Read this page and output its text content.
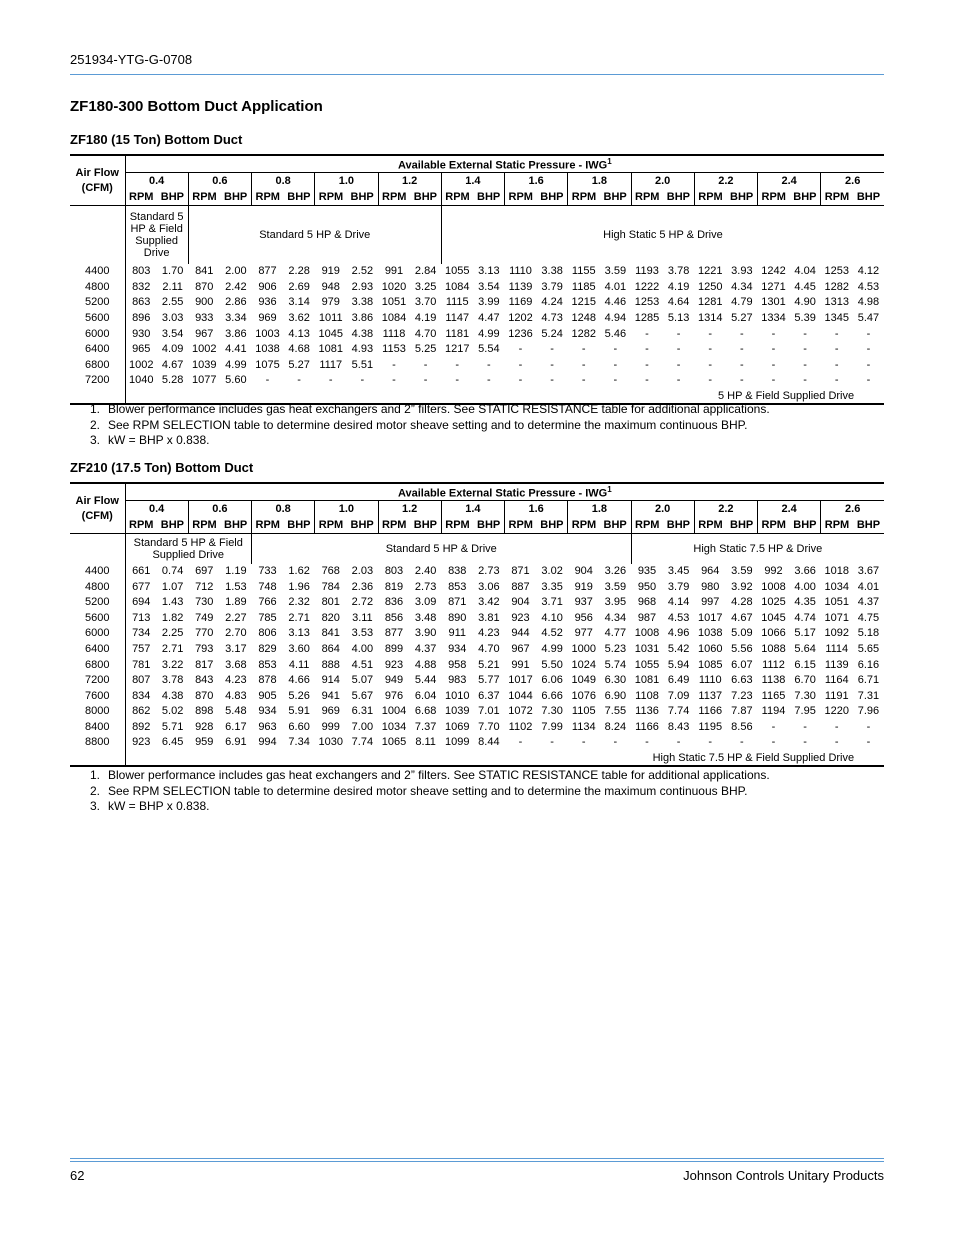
251934-YTG-G-0708
ZF180-300 Bottom Duct Application
ZF180 (15 Ton) Bottom Duct
Air Flow (CFM)	Available External Static Pressure - IWG$^1$
	0.4		0.6		0.8		1.0		1.2		1.4		1.6		1.8		2.0		2.2		2.4		2.6	
	RPM	BHP	RPM	BHP	RPM	BHP	RPM	BHP	RPM	BHP	RPM	BHP	RPM	BHP	RPM	BHP	RPM	BHP	RPM	BHP	RPM	BHP	RPM	BHP
	Standard 5 HP & Field Supplied Drive		Standard 5 HP & Drive								High Static 5 HP & Drive													
4400	803	1.70	841	2.00	877	2.28	919	2.52	991	2.84	1055	3.13	1110	3.38	1155	3.59	1193	3.78	1221	3.93	1242	4.04	1253	4.12
4800	832	2.11	870	2.42	906	2.69	948	2.93	1020	3.25	1084	3.54	1139	3.79	1185	4.01	1222	4.19	1250	4.34	1271	4.45	1282	4.53
5200	863	2.55	900	2.86	936	3.14	979	3.38	1051	3.70	1115	3.99	1169	4.24	1215	4.46	1253	4.64	1281	4.79	1301	4.90	1313	4.98
5600	896	3.03	933	3.34	969	3.62	1011	3.86	1084	4.19	1147	4.47	1202	4.73	1248	4.94	1285	5.13	1314	5.27	1334	5.39	1345	5.47
6000	930	3.54	967	3.86	1003	4.13	1045	4.38	1118	4.70	1181	4.99	1236	5.24	1282	5.46	-	-	-	-	-	-	-	-
6400	965	4.09	1002	4.41	1038	4.68	1081	4.93	1153	5.25	1217	5.54	-	-	-	-	-	-	-	-	-	-	-	-
6800	1002	4.67	1039	4.99	1075	5.27	1117	5.51	-	-	-	-	-	-	-	-	-	-	-	-	-	-	-	-
7200	1040	5.28	1077	5.60	-	-	-	-	-	-	-	-	-	-	-	-	-	-	-	-	-	-	-	-
									5 HP & Field Supplied Drive															
1. Blower performance includes gas heat exchangers and 2” filters. See STATIC RESISTANCE table for additional applications.
2. See RPM SELECTION table to determine desired motor sheave setting and to determine the maximum continuous BHP.
3. kW = BHP x 0.838.
ZF210 (17.5 Ton) Bottom Duct
Air Flow (CFM)	Available External Static Pressure - IWG$^1$
	0.4		0.6		0.8		1.0		1.2		1.4		1.6		1.8		2.0		2.2		2.4		2.6	
	RPM	BHP	RPM	BHP	RPM	BHP	RPM	BHP	RPM	BHP	RPM	BHP	RPM	BHP	RPM	BHP	RPM	BHP	RPM	BHP	RPM	BHP	RPM	BHP
	Standard 5 HP & Field Supplied Drive				Standard 5 HP & Drive												High Static 7.5 HP & Drive							
4400	661	0.74	697	1.19	733	1.62	768	2.03	803	2.40	838	2.73	871	3.02	904	3.26	935	3.45	964	3.59	992	3.66	1018	3.67
4800	677	1.07	712	1.53	748	1.96	784	2.36	819	2.73	853	3.06	887	3.35	919	3.59	950	3.79	980	3.92	1008	4.00	1034	4.01
5200	694	1.43	730	1.89	766	2.32	801	2.72	836	3.09	871	3.42	904	3.71	937	3.95	968	4.14	997	4.28	1025	4.35	1051	4.37
5600	713	1.82	749	2.27	785	2.71	820	3.11	856	3.48	890	3.81	923	4.10	956	4.34	987	4.53	1017	4.67	1045	4.74	1071	4.75
6000	734	2.25	770	2.70	806	3.13	841	3.53	877	3.90	911	4.23	944	4.52	977	4.77	1008	4.96	1038	5.09	1066	5.17	1092	5.18
6400	757	2.71	793	3.17	829	3.60	864	4.00	899	4.37	934	4.70	967	4.99	1000	5.23	1031	5.42	1060	5.56	1088	5.64	1114	5.65
6800	781	3.22	817	3.68	853	4.11	888	4.51	923	4.88	958	5.21	991	5.50	1024	5.74	1055	5.94	1085	6.07	1112	6.15	1139	6.16
7200	807	3.78	843	4.23	878	4.66	914	5.07	949	5.44	983	5.77	1017	6.06	1049	6.30	1081	6.49	1110	6.63	1138	6.70	1164	6.71
7600	834	4.38	870	4.83	905	5.26	941	5.67	976	6.04	1010	6.37	1044	6.66	1076	6.90	1108	7.09	1137	7.23	1165	7.30	1191	7.31
8000	862	5.02	898	5.48	934	5.91	969	6.31	1004	6.68	1039	7.01	1072	7.30	1105	7.55	1136	7.74	1166	7.87	1194	7.95	1220	7.96
8400	892	5.71	928	6.17	963	6.60	999	7.00	1034	7.37	1069	7.70	1102	7.99	1134	8.24	1166	8.43	1195	8.56	-	-	-	-
8800	923	6.45	959	6.91	994	7.34	1030	7.74	1065	8.11	1099	8.44	-	-	-	-	-	-	-	-	-	-	-	-
									High Static 7.5 HP & Field Supplied Drive															
1. Blower performance includes gas heat exchangers and 2” filters. See STATIC RESISTANCE table for additional applications.
2. See RPM SELECTION table to determine desired motor sheave setting and to determine the maximum continuous BHP.
3. kW = BHP x 0.838.
62	Johnson Controls Unitary Products
